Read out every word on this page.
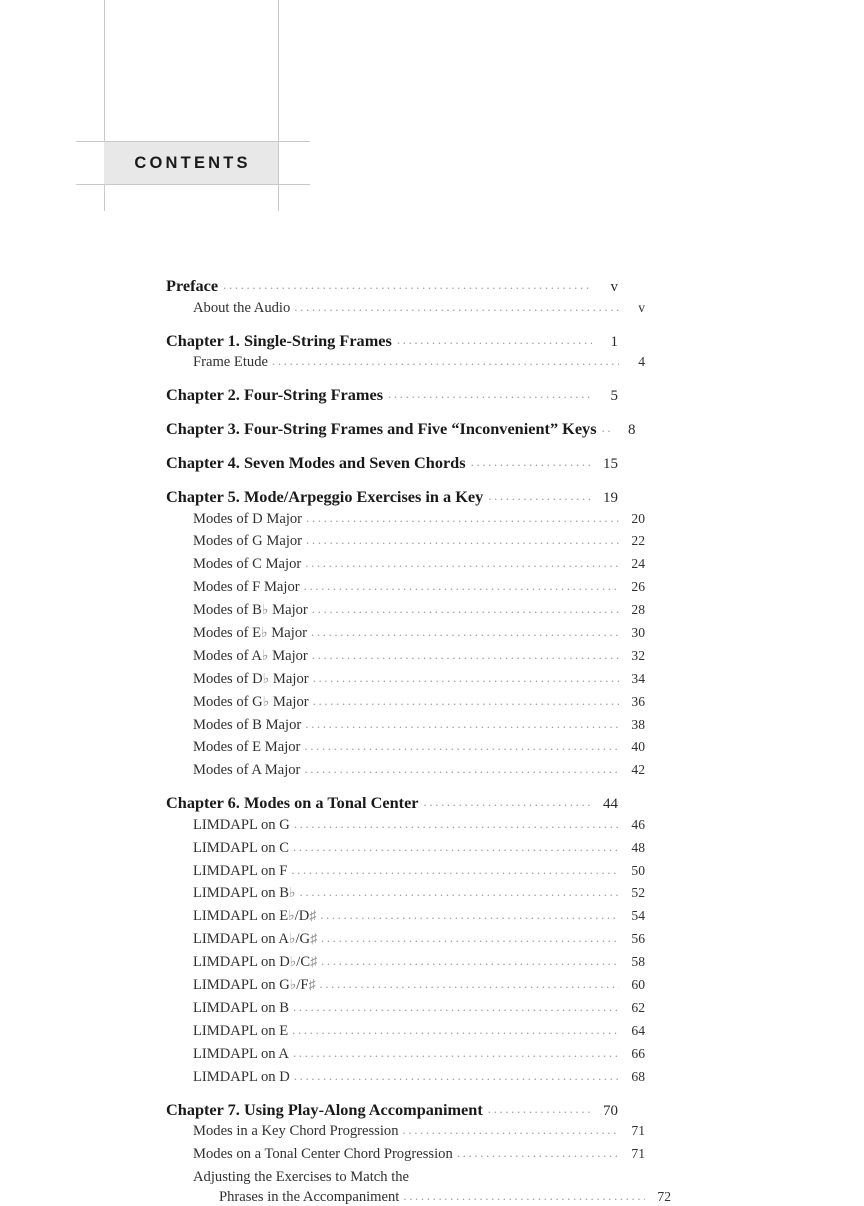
CONTENTS
Preface .....	v
About the Audio .....	v
Chapter 1. Single-String Frames .....	1
Frame Etude .....	4
Chapter 2. Four-String Frames .....	5
Chapter 3. Four-String Frames and Five “Inconvenient” Keys .....	8
Chapter 4. Seven Modes and Seven Chords .....	15
Chapter 5. Mode/Arpeggio Exercises in a Key .....	19
Modes of D Major .....	20
Modes of G Major .....	22
Modes of C Major .....	24
Modes of F Major .....	26
Modes of B♭ Major .....	28
Modes of E♭ Major .....	30
Modes of A♭ Major .....	32
Modes of D♭ Major .....	34
Modes of G♭ Major .....	36
Modes of B Major .....	38
Modes of E Major .....	40
Modes of A Major .....	42
Chapter 6. Modes on a Tonal Center .....	44
LIMDAPL on G .....	46
LIMDAPL on C .....	48
LIMDAPL on F .....	50
LIMDAPL on B♭ .....	52
LIMDAPL on E♭/D♯ .....	54
LIMDAPL on A♭/G♯ .....	56
LIMDAPL on D♭/C♯ .....	58
LIMDAPL on G♭/F♯ .....	60
LIMDAPL on B .....	62
LIMDAPL on E .....	64
LIMDAPL on A .....	66
LIMDAPL on D .....	68
Chapter 7. Using Play-Along Accompaniment .....	70
Modes in a Key Chord Progression .....	71
Modes on a Tonal Center Chord Progression .....	71
Adjusting the Exercises to Match the
Phrases in the Accompaniment .....	72
